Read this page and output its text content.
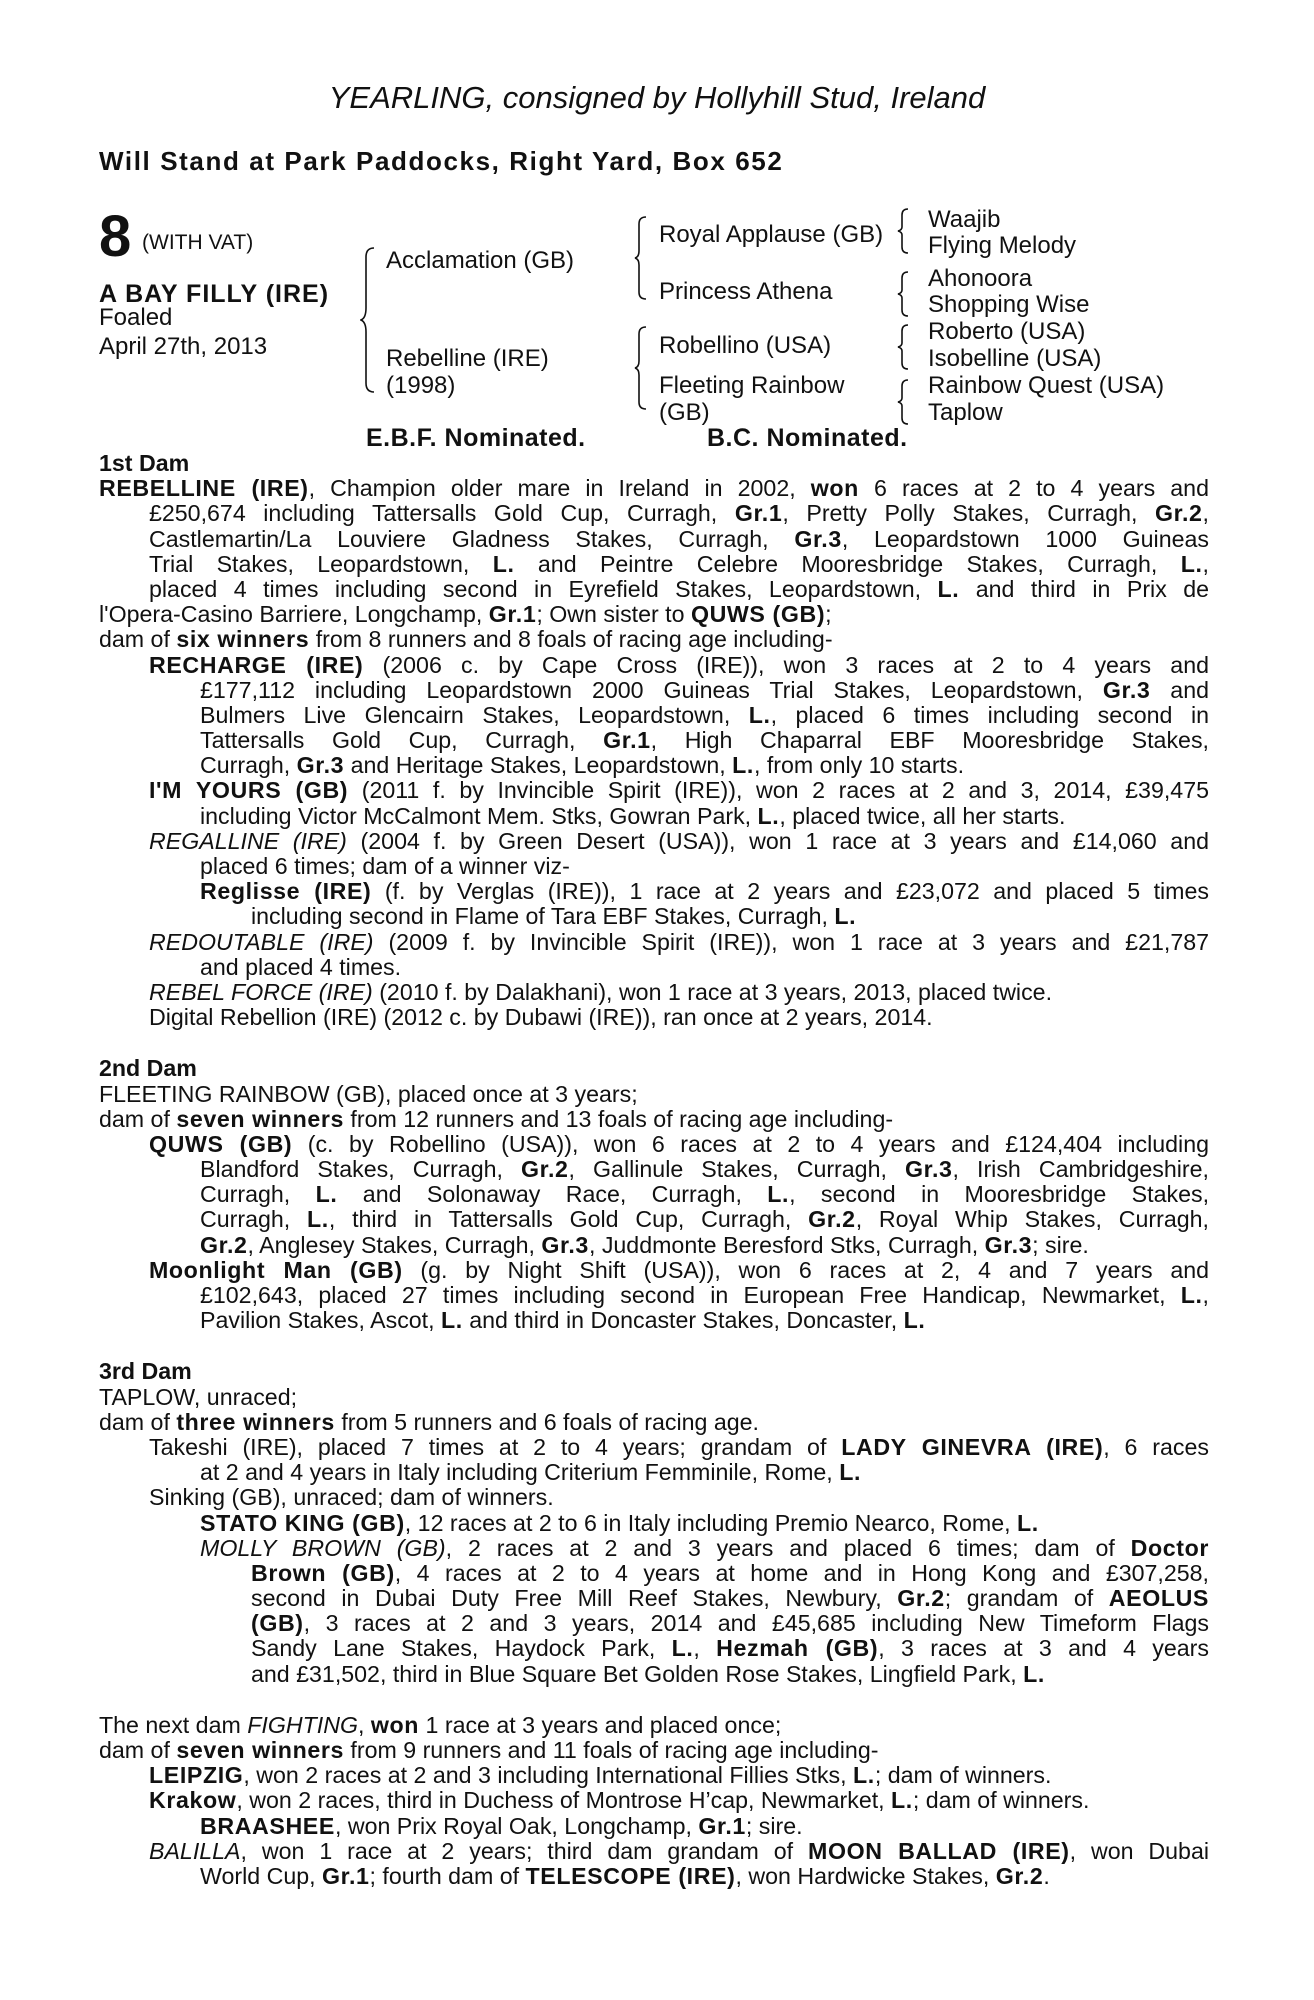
YEARLING, consigned by Hollyhill Stud, Ireland
Will Stand at Park Paddocks, Right Yard, Box 652
8 (WITH VAT)
A BAY FILLY (IRE)
Foaled
April 27th, 2013
Acclamation (GB)
Rebelline (IRE)
(1998)
Royal Applause (GB)
Princess Athena
Robellino (USA)
Fleeting Rainbow
(GB)
Waajib
Flying Melody
Ahonoora
Shopping Wise
Roberto (USA)
Isobelline (USA)
Rainbow Quest (USA)
Taplow
E.B.F. Nominated.	B.C. Nominated.
1st Dam
REBELLINE (IRE), Champion older mare in Ireland in 2002, won 6 races at 2 to 4 years and
£250,674 including Tattersalls Gold Cup, Curragh, Gr.1, Pretty Polly Stakes, Curragh, Gr.2,
Castlemartin/La Louviere Gladness Stakes, Curragh, Gr.3, Leopardstown 1000 Guineas
Trial Stakes, Leopardstown, L. and Peintre Celebre Mooresbridge Stakes, Curragh, L.,
placed 4 times including second in Eyrefield Stakes, Leopardstown, L. and third in Prix de
l'Opera-Casino Barriere, Longchamp, Gr.1; Own sister to QUWS (GB);
dam of six winners from 8 runners and 8 foals of racing age including-
RECHARGE (IRE) (2006 c. by Cape Cross (IRE)), won 3 races at 2 to 4 years and
£177,112 including Leopardstown 2000 Guineas Trial Stakes, Leopardstown, Gr.3 and
Bulmers Live Glencairn Stakes, Leopardstown, L., placed 6 times including second in
Tattersalls Gold Cup, Curragh, Gr.1, High Chaparral EBF Mooresbridge Stakes,
Curragh, Gr.3 and Heritage Stakes, Leopardstown, L., from only 10 starts.
I'M YOURS (GB) (2011 f. by Invincible Spirit (IRE)), won 2 races at 2 and 3, 2014, £39,475
including Victor McCalmont Mem. Stks, Gowran Park, L., placed twice, all her starts.
REGALLINE (IRE) (2004 f. by Green Desert (USA)), won 1 race at 3 years and £14,060 and
placed 6 times; dam of a winner viz-
Reglisse (IRE) (f. by Verglas (IRE)), 1 race at 2 years and £23,072 and placed 5 times
including second in Flame of Tara EBF Stakes, Curragh, L.
REDOUTABLE (IRE) (2009 f. by Invincible Spirit (IRE)), won 1 race at 3 years and £21,787
and placed 4 times.
REBEL FORCE (IRE) (2010 f. by Dalakhani), won 1 race at 3 years, 2013, placed twice.
Digital Rebellion (IRE) (2012 c. by Dubawi (IRE)), ran once at 2 years, 2014.
2nd Dam
FLEETING RAINBOW (GB), placed once at 3 years;
dam of seven winners from 12 runners and 13 foals of racing age including-
QUWS (GB) (c. by Robellino (USA)), won 6 races at 2 to 4 years and £124,404 including
Blandford Stakes, Curragh, Gr.2, Gallinule Stakes, Curragh, Gr.3, Irish Cambridgeshire,
Curragh, L. and Solonaway Race, Curragh, L., second in Mooresbridge Stakes,
Curragh, L., third in Tattersalls Gold Cup, Curragh, Gr.2, Royal Whip Stakes, Curragh,
Gr.2, Anglesey Stakes, Curragh, Gr.3, Juddmonte Beresford Stks, Curragh, Gr.3; sire.
Moonlight Man (GB) (g. by Night Shift (USA)), won 6 races at 2, 4 and 7 years and
£102,643, placed 27 times including second in European Free Handicap, Newmarket, L.,
Pavilion Stakes, Ascot, L. and third in Doncaster Stakes, Doncaster, L.
3rd Dam
TAPLOW, unraced;
dam of three winners from 5 runners and 6 foals of racing age.
Takeshi (IRE), placed 7 times at 2 to 4 years; grandam of LADY GINEVRA (IRE), 6 races
at 2 and 4 years in Italy including Criterium Femminile, Rome, L.
Sinking (GB), unraced; dam of winners.
STATO KING (GB), 12 races at 2 to 6 in Italy including Premio Nearco, Rome, L.
MOLLY BROWN (GB), 2 races at 2 and 3 years and placed 6 times; dam of Doctor
Brown (GB), 4 races at 2 to 4 years at home and in Hong Kong and £307,258,
second in Dubai Duty Free Mill Reef Stakes, Newbury, Gr.2; grandam of AEOLUS
(GB), 3 races at 2 and 3 years, 2014 and £45,685 including New Timeform Flags
Sandy Lane Stakes, Haydock Park, L., Hezmah (GB), 3 races at 3 and 4 years
and £31,502, third in Blue Square Bet Golden Rose Stakes, Lingfield Park, L.
The next dam FIGHTING, won 1 race at 3 years and placed once;
dam of seven winners from 9 runners and 11 foals of racing age including-
LEIPZIG, won 2 races at 2 and 3 including International Fillies Stks, L.; dam of winners.
Krakow, won 2 races, third in Duchess of Montrose H’cap, Newmarket, L.; dam of winners.
BRAASHEE, won Prix Royal Oak, Longchamp, Gr.1; sire.
BALILLA, won 1 race at 2 years; third dam grandam of MOON BALLAD (IRE), won Dubai
World Cup, Gr.1; fourth dam of TELESCOPE (IRE), won Hardwicke Stakes, Gr.2.
